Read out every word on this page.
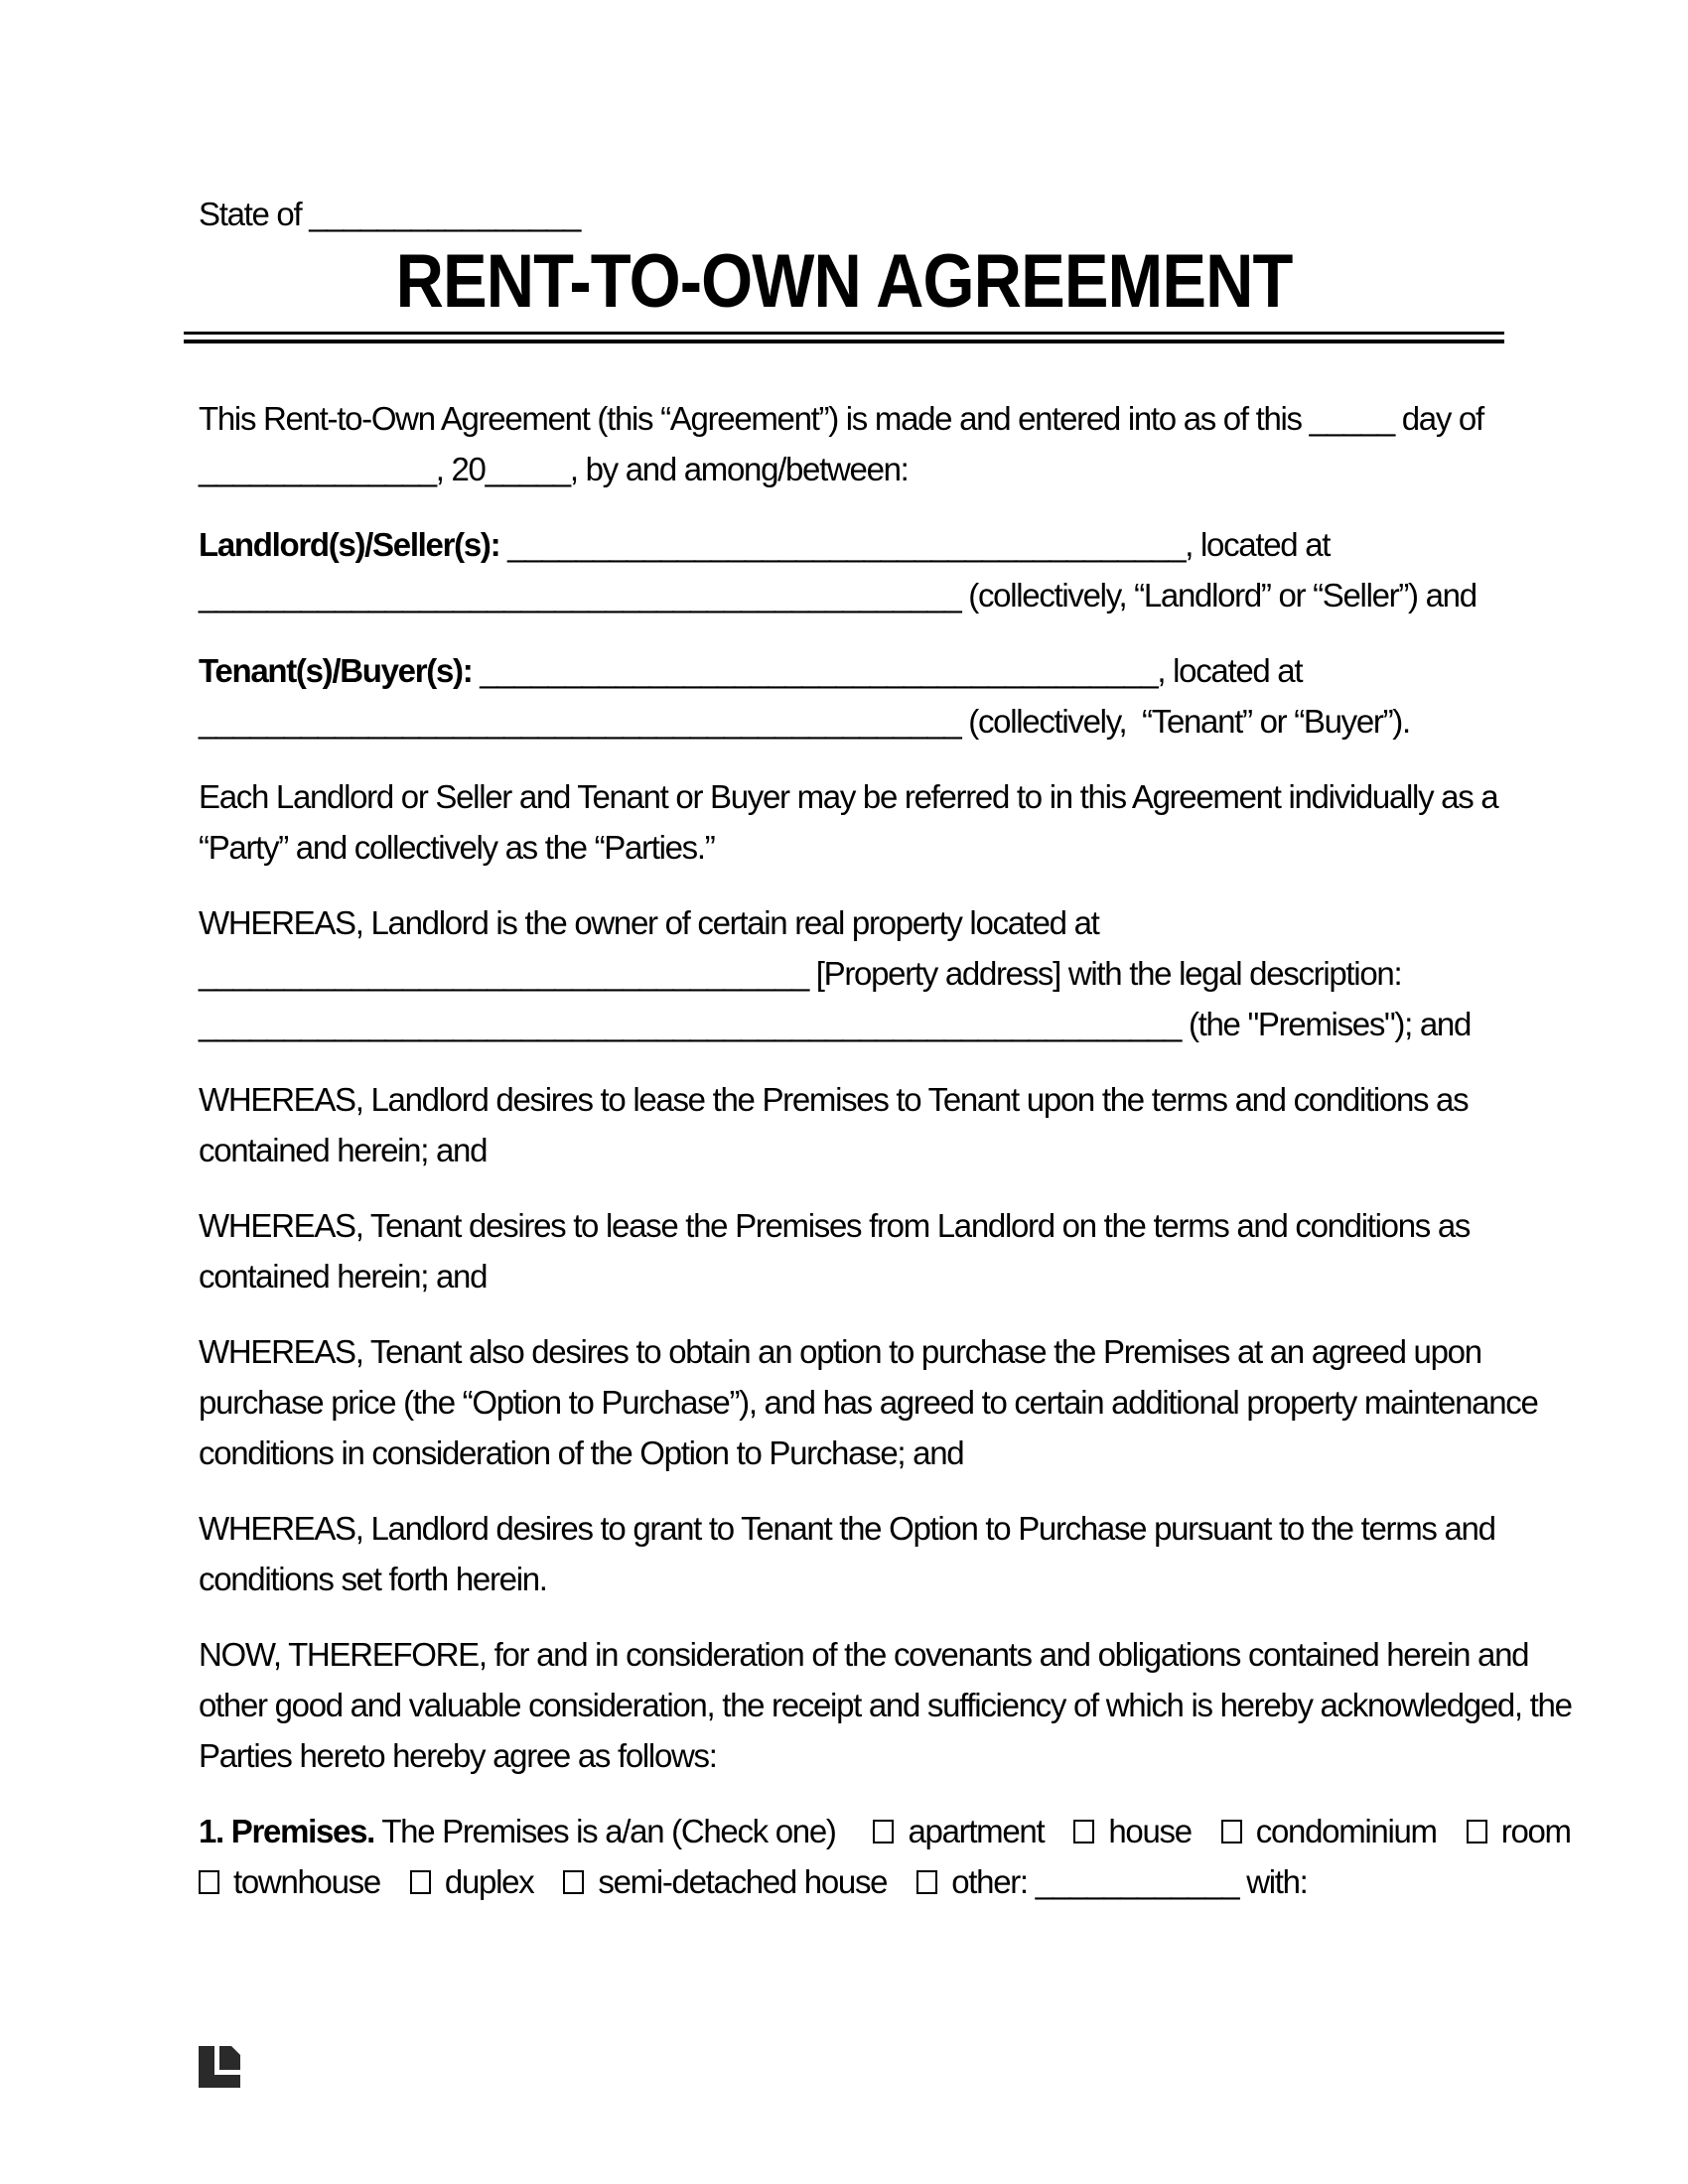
State of ________________
RENT-TO-OWN AGREEMENT
This Rent-to-Own Agreement (this “Agreement”) is made and entered into as of this _____ day of
______________, 20_____, by and among/between:
Landlord(s)/Seller(s): ________________________________________, located at
_____________________________________________ (collectively, “Landlord” or “Seller”) and
Tenant(s)/Buyer(s): ________________________________________, located at
_____________________________________________ (collectively,  “Tenant” or “Buyer”).
Each Landlord or Seller and Tenant or Buyer may be referred to in this Agreement individually as a
“Party” and collectively as the “Parties.”
WHEREAS, Landlord is the owner of certain real property located at
____________________________________ [Property address] with the legal description:
__________________________________________________________ (the "Premises"); and
WHEREAS, Landlord desires to lease the Premises to Tenant upon the terms and conditions as
contained herein; and
WHEREAS, Tenant desires to lease the Premises from Landlord on the terms and conditions as
contained herein; and
WHEREAS, Tenant also desires to obtain an option to purchase the Premises at an agreed upon
purchase price (the “Option to Purchase”), and has agreed to certain additional property maintenance
conditions in consideration of the Option to Purchase; and
WHEREAS, Landlord desires to grant to Tenant the Option to Purchase pursuant to the terms and
conditions set forth herein.
NOW, THEREFORE, for and in consideration of the covenants and obligations contained herein and
other good and valuable consideration, the receipt and sufficiency of which is hereby acknowledged, the
Parties hereto hereby agree as follows:
1. Premises. The Premises is a/an (Check one) apartment house condominium room
townhouse duplex semi-detached house other: ____________ with:
